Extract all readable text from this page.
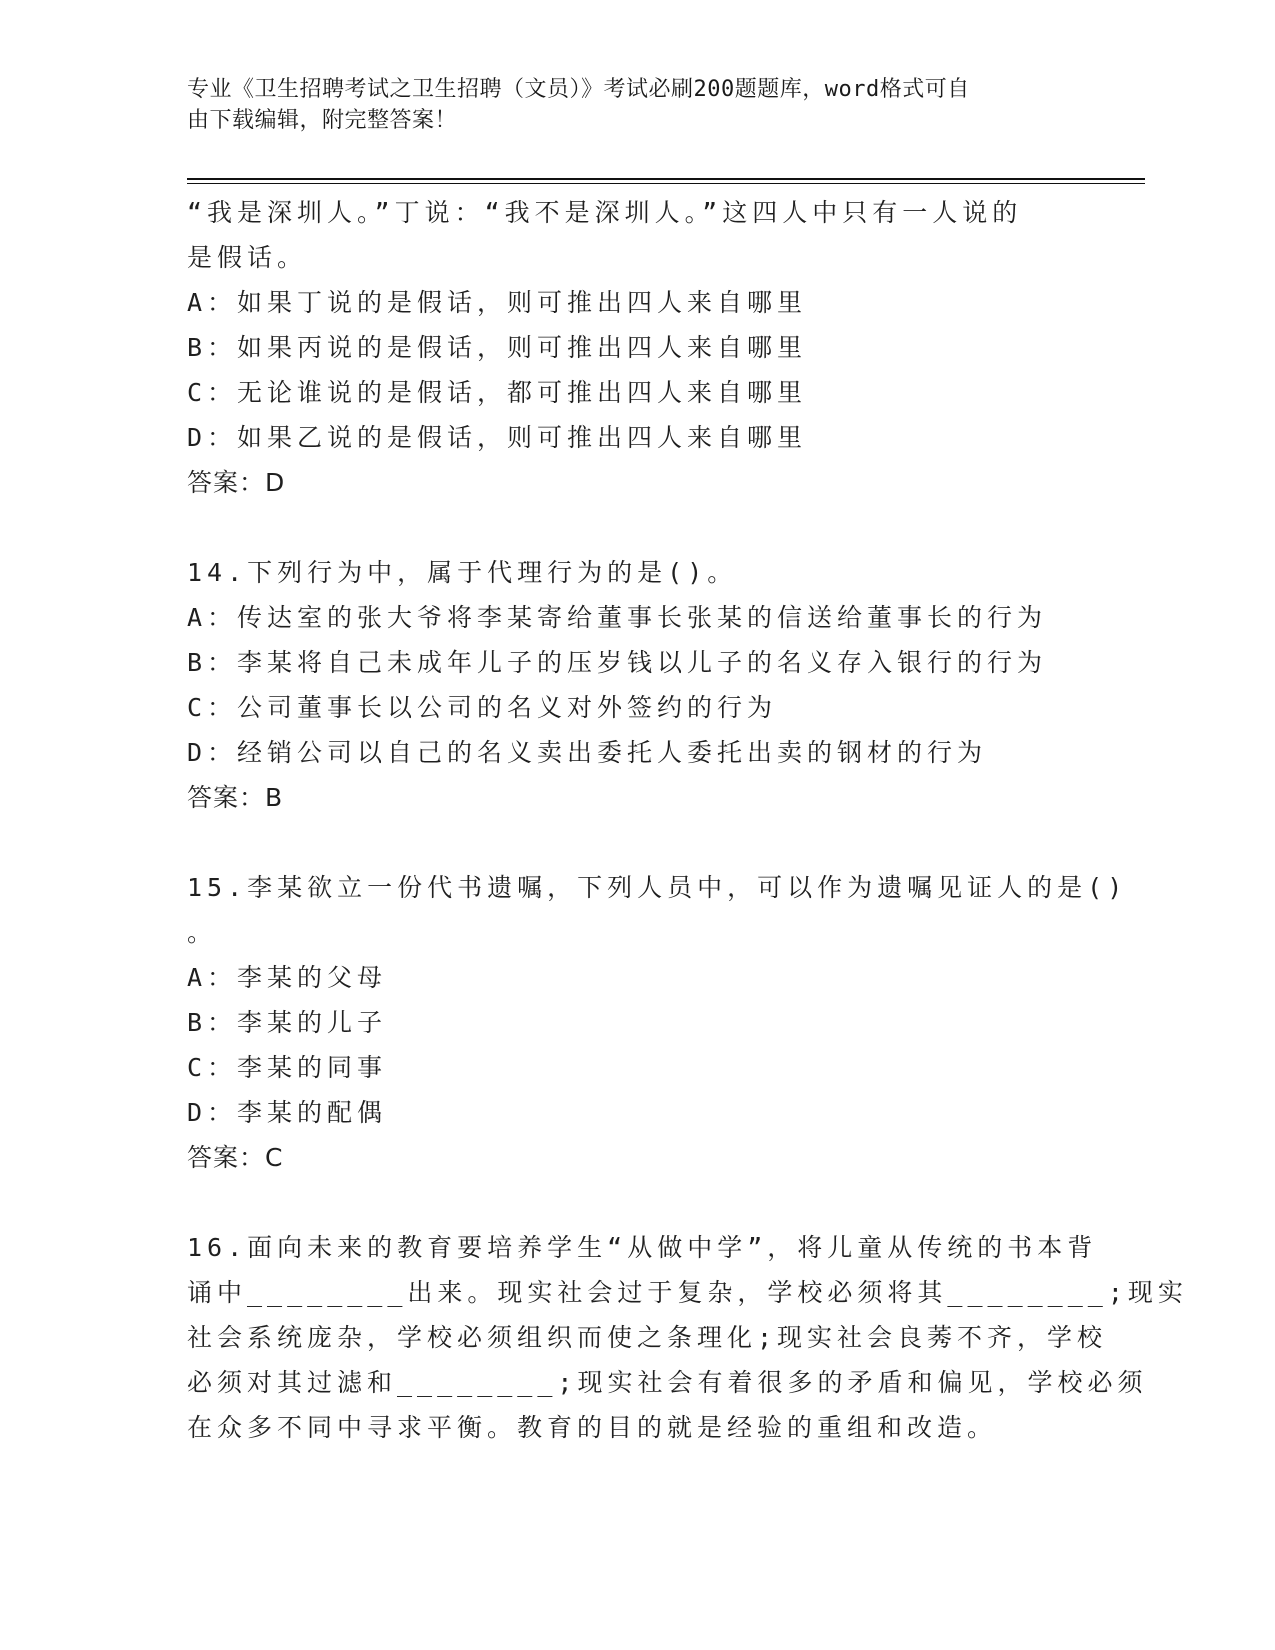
专业《卫生招聘考试之卫生招聘（文员）》考试必刷200题题库，word格式可自
由下载编辑，附完整答案！
“我是深圳人。”丁说：“我不是深圳人。”这四人中只有一人说的
是假话。
A：如果丁说的是假话，则可推出四人来自哪里
B：如果丙说的是假话，则可推出四人来自哪里
C：无论谁说的是假话，都可推出四人来自哪里
D：如果乙说的是假话，则可推出四人来自哪里
答案：D
14.下列行为中，属于代理行为的是()。
A：传达室的张大爷将李某寄给董事长张某的信送给董事长的行为
B：李某将自己未成年儿子的压岁钱以儿子的名义存入银行的行为
C：公司董事长以公司的名义对外签约的行为
D：经销公司以自己的名义卖出委托人委托出卖的钢材的行为
答案：B
15.李某欲立一份代书遗嘱，下列人员中，可以作为遗嘱见证人的是()
。
A：李某的父母
B：李某的儿子
C：李某的同事
D：李某的配偶
答案：C
16.面向未来的教育要培养学生“从做中学”，将儿童从传统的书本背
诵中________出来。现实社会过于复杂，学校必须将其________;现实
社会系统庞杂，学校必须组织而使之条理化;现实社会良莠不齐，学校
必须对其过滤和________;现实社会有着很多的矛盾和偏见，学校必须
在众多不同中寻求平衡。教育的目的就是经验的重组和改造。
